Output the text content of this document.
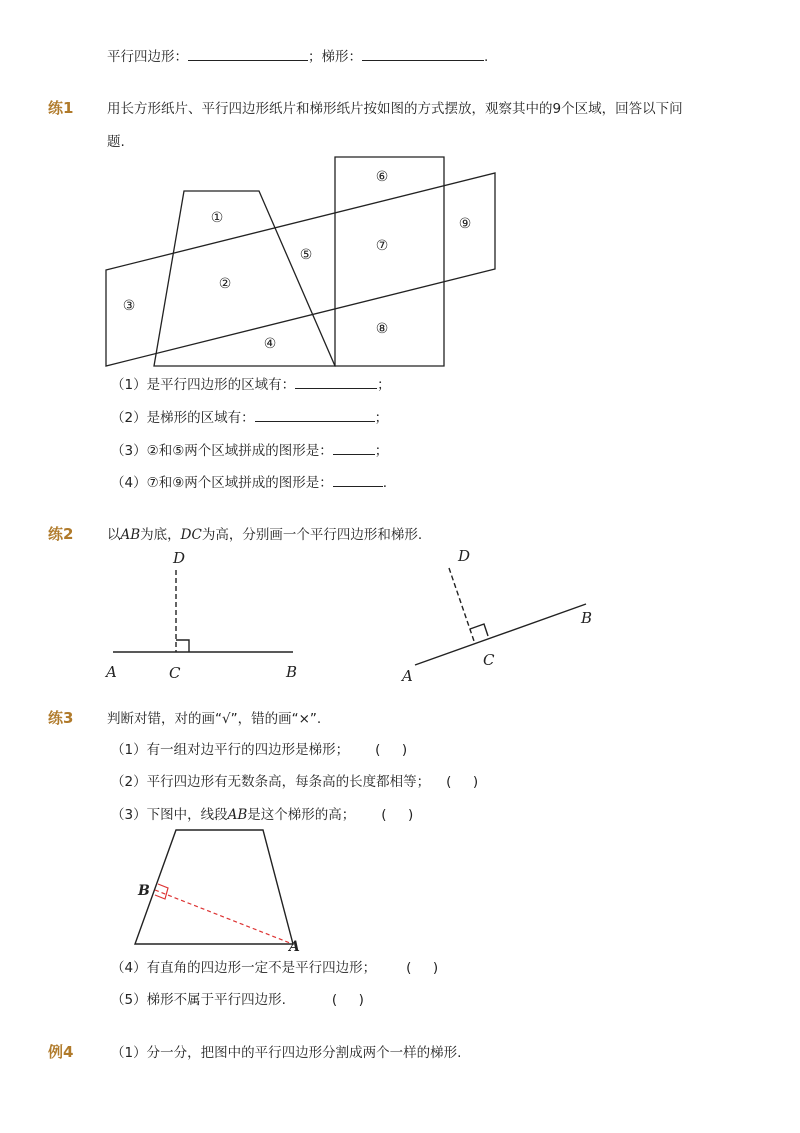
平行四边形：	；梯形：	.
练1 用长方形纸片、平行四边形纸片和梯形纸片按如图的方式摆放，观察其中的9个区域，回答以下问
题.
①
②
③
④
⑤
⑥
⑦
⑧
⑨
（1）是平行四边形的区域有：	；
（2）是梯形的区域有：	；
（3）②和⑤两个区域拼成的图形是：	；
（4）⑦和⑨两个区域拼成的图形是：	.
练2 以AB为底，DC为高，分别画一个平行四边形和梯形.
D
A	C	B
D
A
C
B
练3 判断对错，对的画“√”，错的画“×”.
（1）有一组对边平行的四边形是梯形； (     )
（2）平行四边形有无数条高，每条高的长度都相等； (     )
（3）下图中，线段AB是这个梯形的高； (     )
B
A
（4）有直角的四边形一定不是平行四边形； (     )
（5）梯形不属于平行四边形.	(     )
例4	（1）分一分，把图中的平行四边形分割成两个一样的梯形.
